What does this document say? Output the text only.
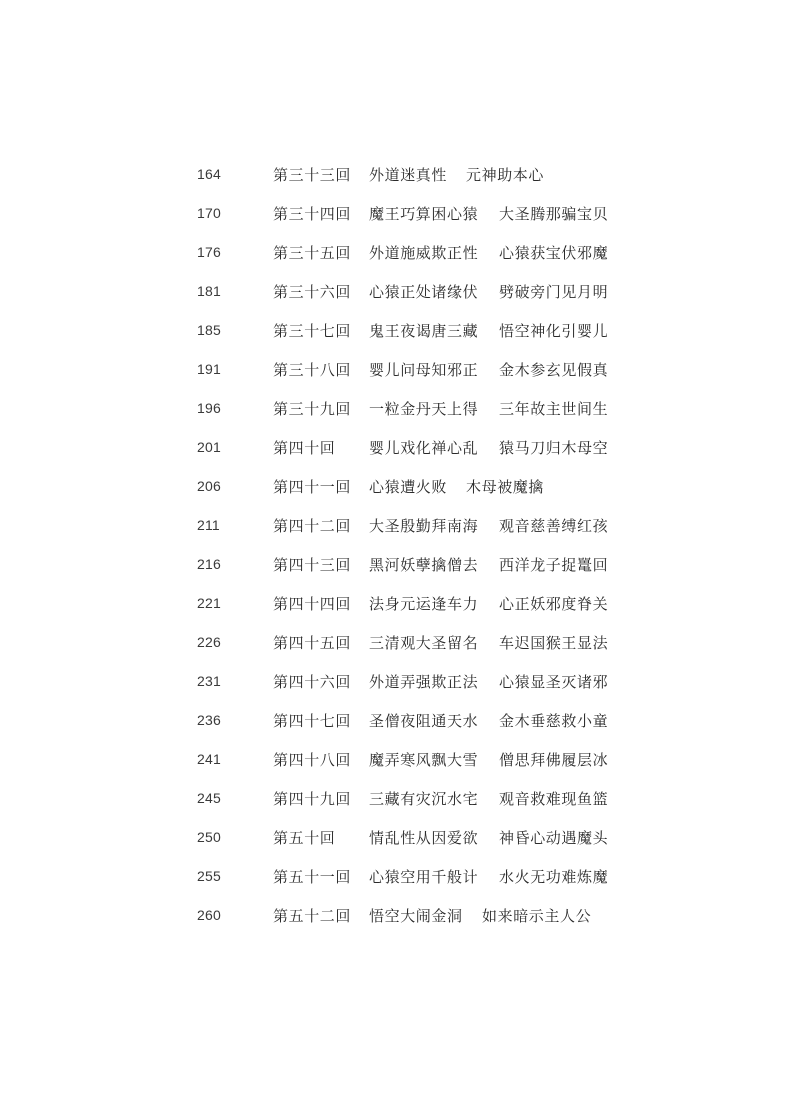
164	第三十三回 外道迷真性 元神助本心
170	第三十四回 魔王巧算困心猿 大圣腾那骗宝贝
176	第三十五回 外道施威欺正性 心猿获宝伏邪魔
181	第三十六回 心猿正处诸缘伏 劈破旁门见月明
185	第三十七回 鬼王夜谒唐三藏 悟空神化引婴儿
191	第三十八回 婴儿问母知邪正 金木参玄见假真
196	第三十九回 一粒金丹天上得 三年故主世间生
201	第四十回 婴儿戏化禅心乱 猿马刀归木母空
206	第四十一回 心猿遭火败 木母被魔擒
211	第四十二回 大圣殷勤拜南海 观音慈善缚红孩
216	第四十三回 黑河妖孽擒僧去 西洋龙子捉鼍回
221	第四十四回 法身元运逢车力 心正妖邪度脊关
226	第四十五回 三清观大圣留名 车迟国猴王显法
231	第四十六回 外道弄强欺正法 心猿显圣灭诸邪
236	第四十七回 圣僧夜阻通天水 金木垂慈救小童
241	第四十八回 魔弄寒风飘大雪 僧思拜佛履层冰
245	第四十九回 三藏有灾沉水宅 观音救难现鱼篮
250	第五十回 情乱性从因爱欲 神昏心动遇魔头
255	第五十一回 心猿空用千般计 水火无功难炼魔
260	第五十二回 悟空大闹金洞 如来暗示主人公
